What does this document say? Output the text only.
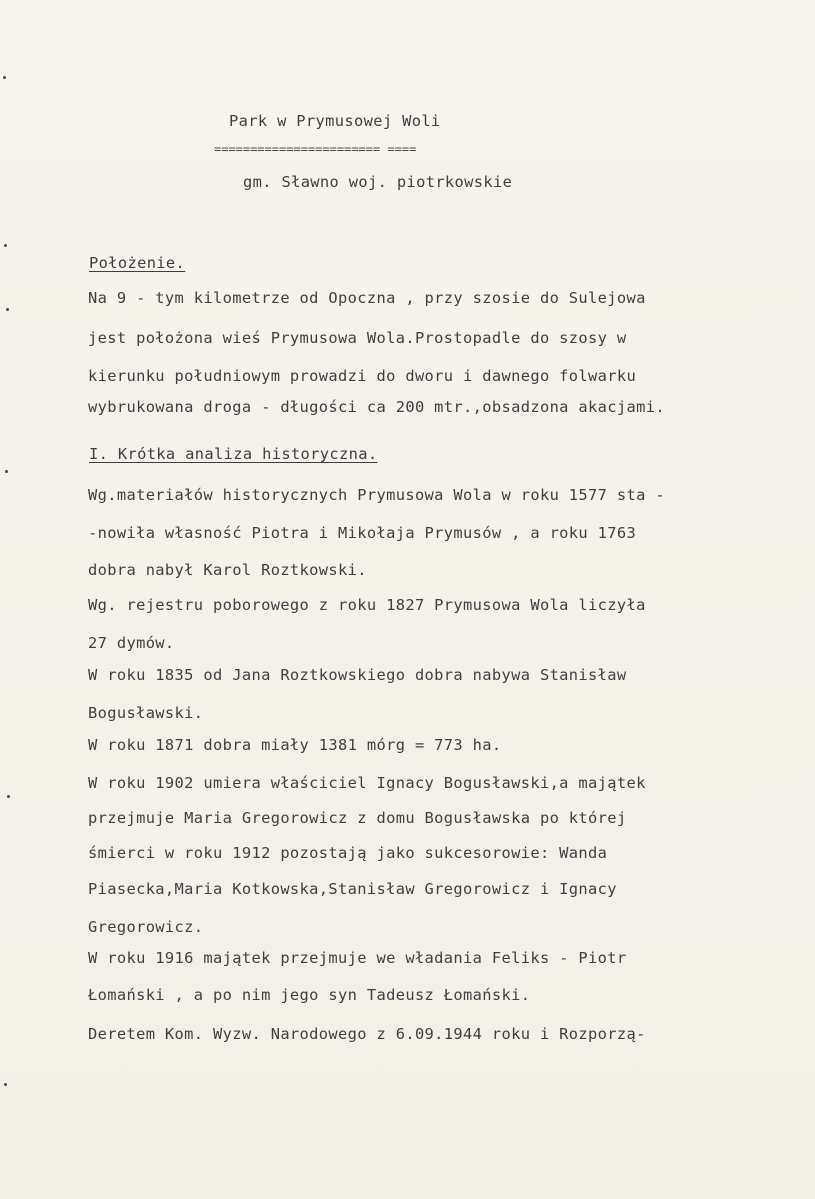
Park w Prymusowej Woli
======================= ====
gm. Sławno woj. piotrkowskie
Położenie.
Na 9 - tym kilometrze od Opoczna , przy szosie do Sulejowa
jest położona wieś Prymusowa Wola.Prostopadle do szosy w
kierunku południowym prowadzi do dworu i dawnego folwarku
wybrukowana droga - długości ca 200 mtr.,obsadzona akacjami.
I. Krótka analiza historyczna.
Wg.materiałów historycznych Prymusowa Wola w roku 1577 sta -
-nowiła własność Piotra i Mikołaja Prymusów , a roku 1763
dobra nabył Karol Roztkowski.
Wg. rejestru poborowego z roku 1827 Prymusowa Wola liczyła
27 dymów.
W roku 1835 od Jana Roztkowskiego dobra nabywa Stanisław
Bogusławski.
W roku 1871 dobra miały 1381 mórg = 773 ha.
W roku 1902 umiera właściciel Ignacy Bogusławski,a majątek
przejmuje Maria Gregorowicz z domu Bogusławska po której
śmierci w roku 1912 pozostają jako sukcesorowie: Wanda
Piasecka,Maria Kotkowska,Stanisław Gregorowicz i Ignacy
Gregorowicz.
W roku 1916 majątek przejmuje we władania Feliks - Piotr
Łomański , a po nim jego syn Tadeusz Łomański.
Deretem Kom. Wyzw. Narodowego z 6.09.1944 roku i Rozporzą-
